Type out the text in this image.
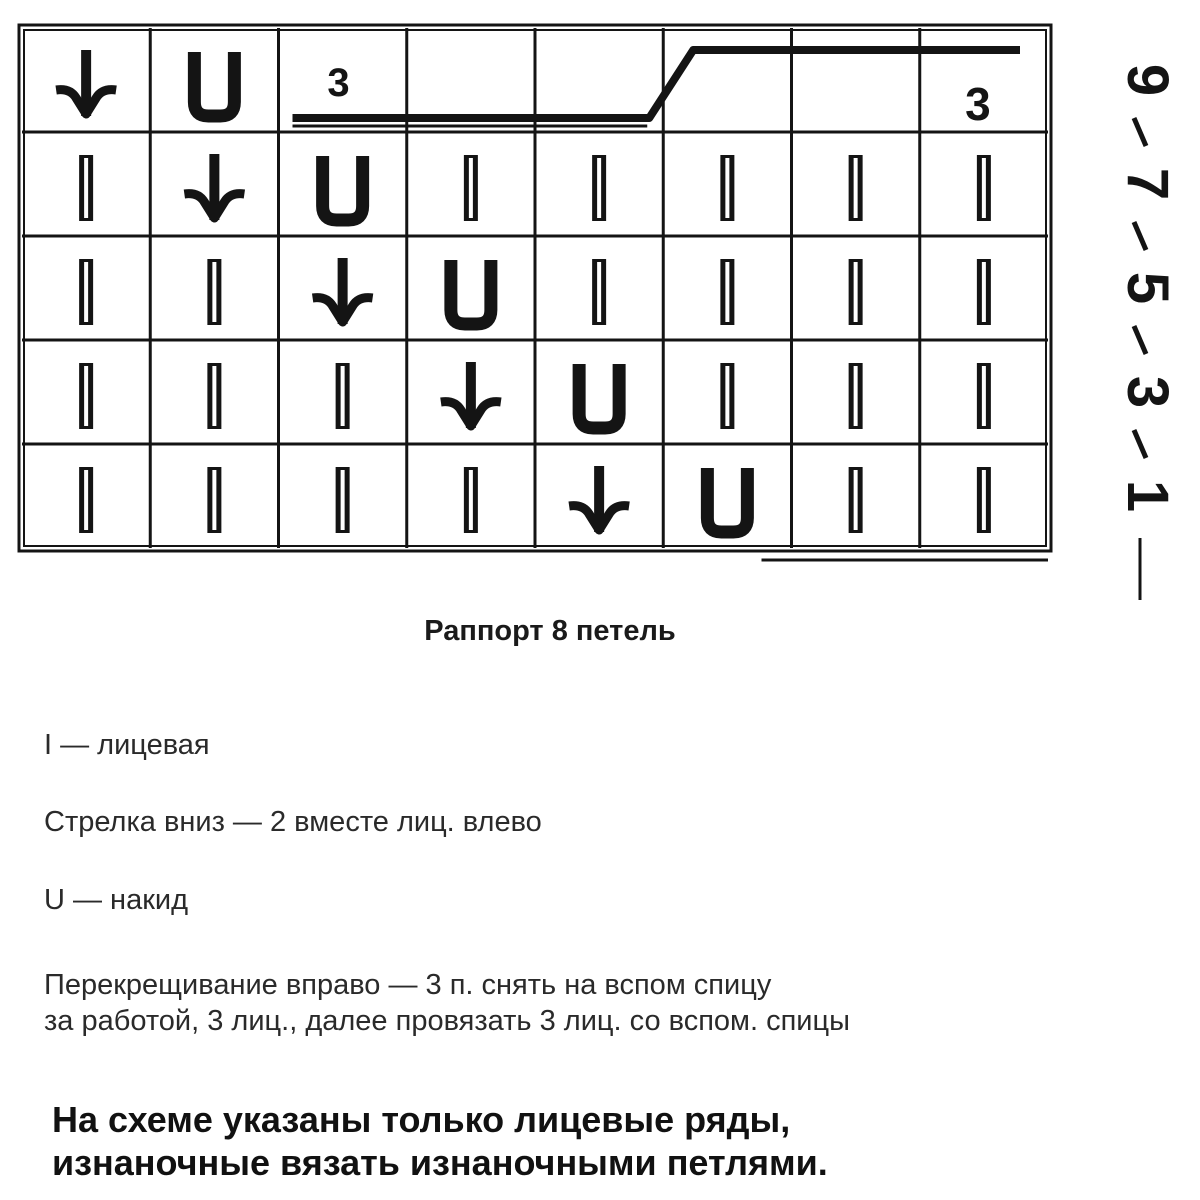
3	3 9
7
5
3
1
Раппорт 8 петель
I — лицевая
Стрелка вниз — 2 вместе лиц. влево
U — накид
Перекрещивание вправо — 3 п. снять на вспом спицу
за работой, 3 лиц., далее провязать 3 лиц. со вспом. спицы
На схеме указаны только лицевые ряды,
изнаночные вязать изнаночными петлями.
